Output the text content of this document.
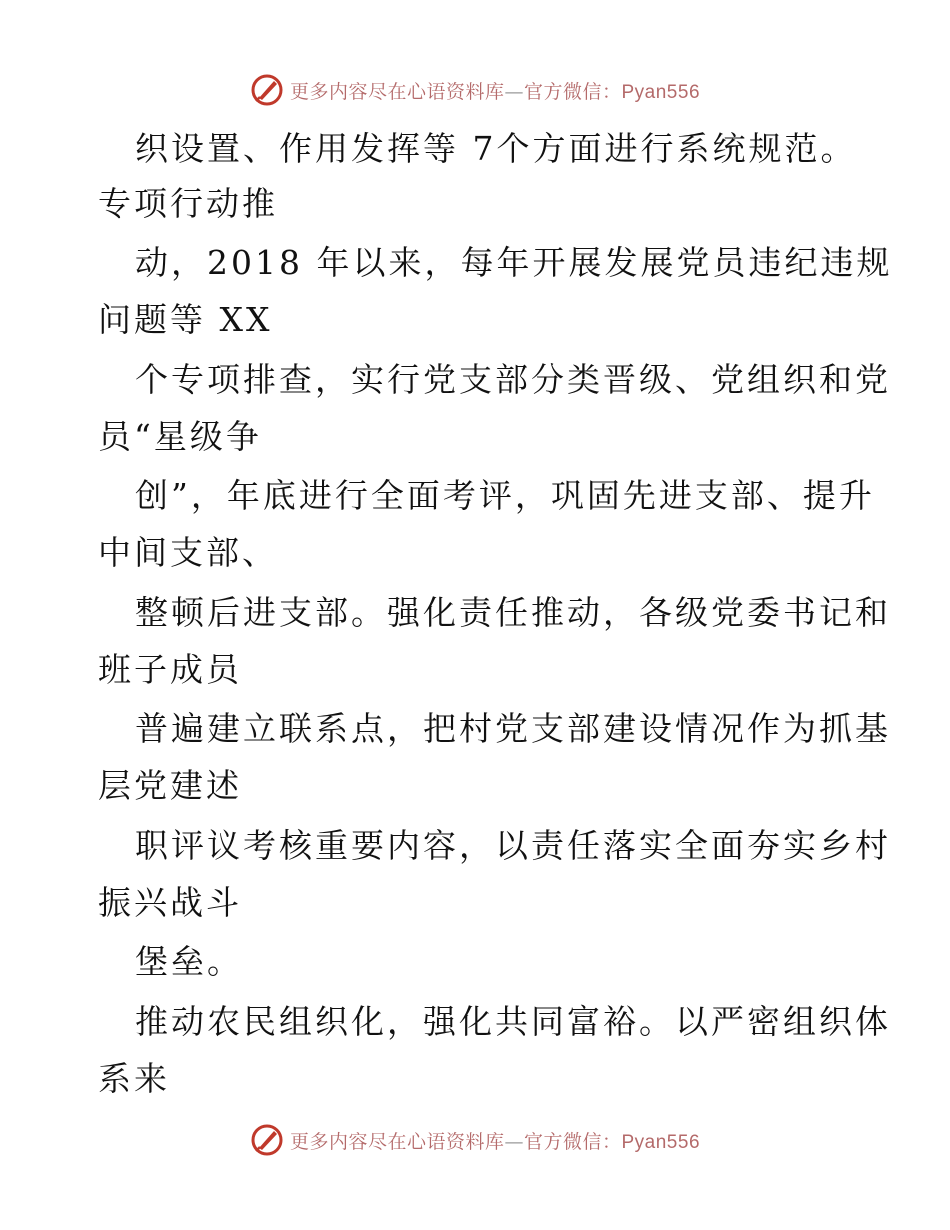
更多内容尽在心语资料库—官方微信：Pyan556
织设置、作用发挥等 7个方面进行系统规范。
专项行动推
动，2018 年以来，每年开展发展党员违纪违规
问题等 XX
个专项排查，实行党支部分类晋级、党组织和党
员“星级争
创”，年底进行全面考评，巩固先进支部、提升
中间支部、
整顿后进支部。强化责任推动，各级党委书记和
班子成员
普遍建立联系点，把村党支部建设情况作为抓基
层党建述
职评议考核重要内容，以责任落实全面夯实乡村
振兴战斗
堡垒。
推动农民组织化，强化共同富裕。以严密组织体
系来
更多内容尽在心语资料库—官方微信：Pyan556
